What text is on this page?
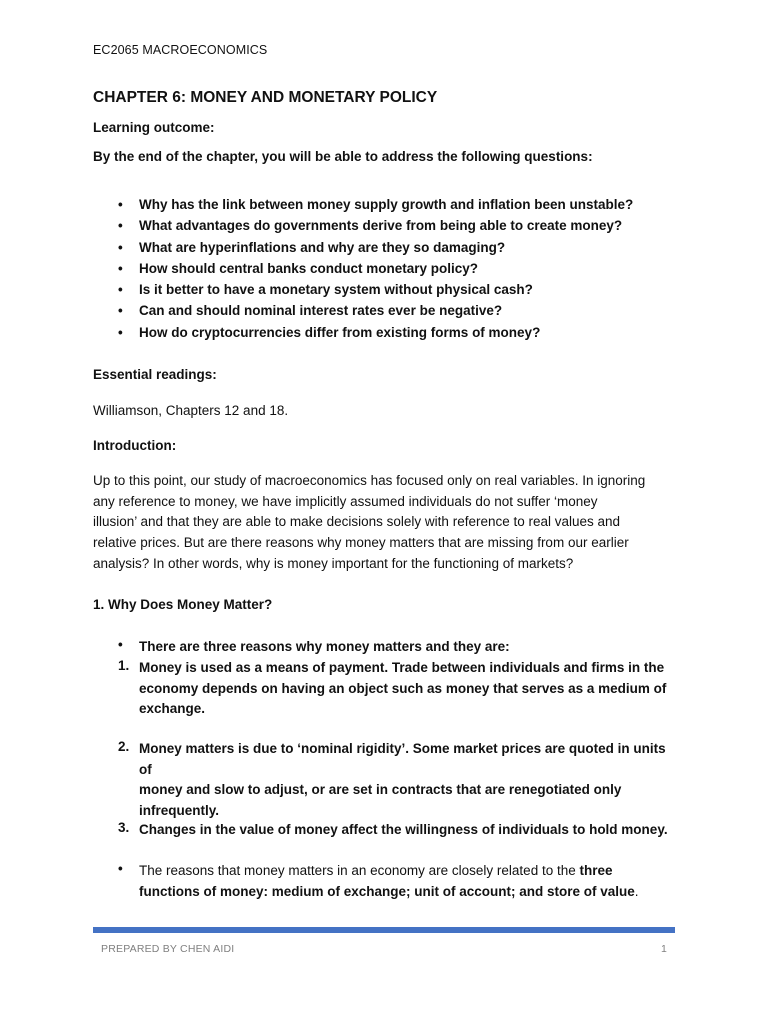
EC2065 MACROECONOMICS
CHAPTER 6: MONEY AND MONETARY POLICY
Learning outcome:
By the end of the chapter, you will be able to address the following questions:
• Why has the link between money supply growth and inflation been unstable?
• What advantages do governments derive from being able to create money?
• What are hyperinflations and why are they so damaging?
• How should central banks conduct monetary policy?
• Is it better to have a monetary system without physical cash?
• Can and should nominal interest rates ever be negative?
• How do cryptocurrencies differ from existing forms of money?
Essential readings:
Williamson, Chapters 12 and 18.
Introduction:
Up to this point, our study of macroeconomics has focused only on real variables. In ignoring
any reference to money, we have implicitly assumed individuals do not suffer ‘money
illusion’ and that they are able to make decisions solely with reference to real values and
relative prices. But are there reasons why money matters that are missing from our earlier
analysis? In other words, why is money important for the functioning of markets?
1. Why Does Money Matter?
•	There are three reasons why money matters and they are:
1. Money is used as a means of payment. Trade between individuals and firms in the
economy depends on having an object such as money that serves as a medium of
exchange.
2. Money matters is due to ‘nominal rigidity’. Some market prices are quoted in units of
money and slow to adjust, or are set in contracts that are renegotiated only
infrequently.
3. Changes in the value of money affect the willingness of individuals to hold money.
•	The reasons that money matters in an economy are closely related to the three
functions of money: medium of exchange; unit of account; and store of value.
PREPARED BY CHEN AIDI	1
